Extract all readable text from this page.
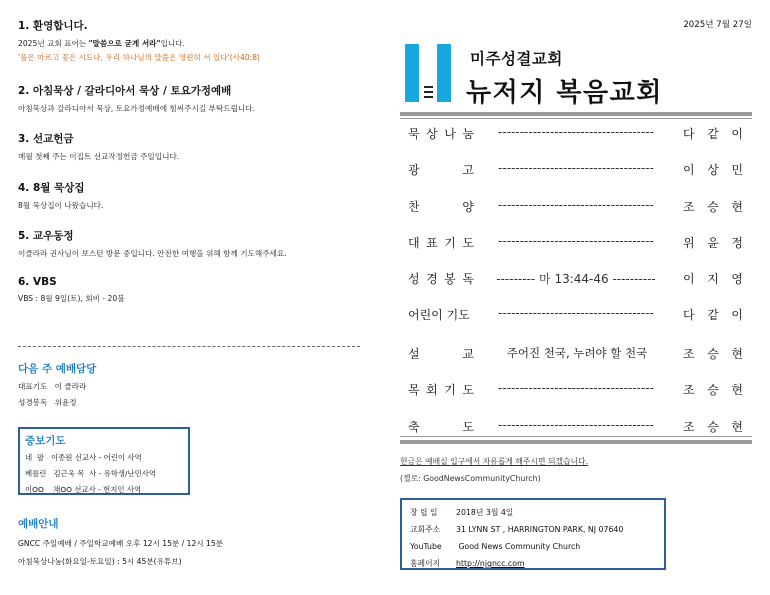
1. 환영합니다.
2025년 교회 표어는 "말씀으로 굳게 서라"입니다.
'풀은 마르고 꽃은 시드나, 우리 하나님의 말씀은 영원히 서 있다'(사40:8)
2. 아침묵상 / 갈라디아서 묵상 / 토요가정예배
아침묵상과 갈라디아서 묵상, 토요가정예배에 힘써주시길 부탁드립니다.
3. 선교헌금
매월 첫째 주는 이집트 선교작정헌금 주일입니다.
4. 8월 묵상집
8월 묵상집이 나왔습니다.
5. 교우동정
이클라라 권사님이 보스턴 방문 중입니다. 안전한 여행을 위해 함께 기도해주세요.
6. VBS
VBS : 8월 9일(토), 회비 - 20불
다음 주 예배담당
대표기도   이 클라라
성경봉독   위윤정
중보기도
네  팔   이종원 선교사 - 어린이 사역
베를린   김근욱 목  사 - 유학생/난민사역
이OO    채OO 선교사 - 현지인 사역
예배안내
GNCC 주일예배 / 주일학교예배 오후 12시 15분 / 12시 15분
아침묵상나눔(화요일-토요일) : 5시 45분(유튜브)
2025년 7월 27일
미주성결교회
뉴저지 복음교회
묵 상 나 눔	------------------------------------	다 같 이
광	고	------------------------------------	이 상 민
찬	양	------------------------------------	조 승 현
대 표 기 도	------------------------------------	위 윤 정
성 경 봉 독	--------- 마 13:44-46 ----------	이 지 영
어린이 기도	------------------------------------	다 같 이
설	교	주어진 천국, 누려야 할 천국	조 승 현
목 회 기 도	------------------------------------	조 승 현
축	도	------------------------------------	조 승 현
헌금은 예배실 입구에서 자유롭게 해주시면 되겠습니다.
(젤로: GoodNewsCommunityChurch)
창 립 일 2018년 3월 4일
교회주소 31 LYNN ST , HARRINGTON PARK, NJ 07640
YouTube Good News Community Church
홈페이지 http://njgncc.com
